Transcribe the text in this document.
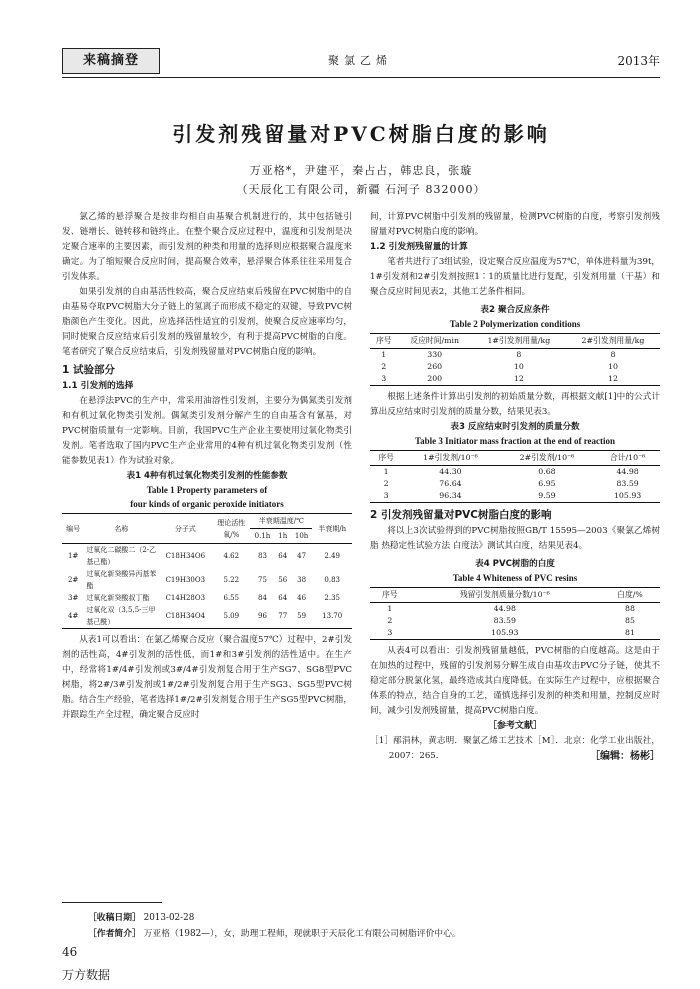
来稿摘登	聚氯乙烯	2013年
引发剂残留量对PVC树脂白度的影响
万亚格*，尹建平，秦占占，韩忠良，张璇
（天辰化工有限公司，新疆 石河子 832000）

氯乙烯的悬浮聚合是按非均相自由基聚合机制进行的，其中包括链引发、链增长、链转移和链终止。在整个聚合反应过程中，温度和引发剂是决定聚合速率的主要因素，而引发剂的种类和用量的选择则应根据聚合温度来确定。为了缩短聚合反应时间，提高聚合效率，悬浮聚合体系往往采用复合引发体系。

如果引发剂的自由基活性较高，聚合反应结束后残留在PVC树脂中的自由基易夺取PVC树脂大分子链上的氢离子而形成不稳定的双键，导致PVC树脂颜色产生变化。因此，应选择活性适宜的引发剂，使聚合反应速率均匀，同时使聚合反应结束后引发剂的残留量较少，有利于提高PVC树脂的白度。笔者研究了聚合反应结束后，引发剂残留量对PVC树脂白度的影响。

1 试验部分
1.1 引发剂的选择

在悬浮法PVC的生产中，常采用油溶性引发剂，主要分为偶氮类引发剂和有机过氧化物类引发剂。偶氮类引发剂分解产生的自由基含有氰基，对PVC树脂质量有一定影响。目前，我国PVC生产企业主要使用过氧化物类引发剂。笔者选取了国内PVC生产企业常用的4种有机过氧化物类引发剂（性能参数见表1）作为试验对象。

表1 4种有机过氧化物类引发剂的性能参数
Table 1 Property parameters of
four kinds of organic peroxide initiators
编号	名称	分子式	理论活性氧/%	半衰期温度/℃			半衰期/h
				0.1h	1h	10h	
1#	过氧化二碳酸二（2-乙基己酯）	C18H34O6	4.62	83	64	47	2.49
2#	过氧化新癸酸异丙基苯酯	C19H30O3	5.22	75	56	38	0.83
3#	过氧化新癸酸叔丁酯	C14H28O3	6.55	84	64	46	2.35
4#	过氧化双（3,5,5-三甲基己酰）	C18H34O4	5.09	96	77	59	13.70

从表1可以看出：在氯乙烯聚合反应（聚合温度57℃）过程中，2#引发剂的活性高，4#引发剂的活性低，而1#和3#引发剂的活性适中。在生产中，经常将1#/4#引发剂或3#/4#引发剂复合用于生产SG7、SG8型PVC树脂，将2#/3#引发剂或1#/2#引发剂复合用于生产SG3、SG5型PVC树脂。结合生产经验，笔者选择1#/2#引发剂复合用于生产SG5型PVC树脂，并跟踪生产全过程，确定聚合反应时

间，计算PVC树脂中引发剂的残留量，检测PVC树脂的白度，考察引发剂残留量对PVC树脂白度的影响。

1.2 引发剂残留量的计算

笔者共进行了3组试验，设定聚合反应温度为57℃，单体进料量为39t，1#引发剂和2#引发剂按照1∶1的质量比进行复配，引发剂用量（干基）和聚合反应时间见表2，其他工艺条件相同。

表2 聚合反应条件
Table 2 Polymerization conditions
序号	反应时间/min	1#引发剂用量/kg	2#引发剂用量/kg
1	330	8	8
2	260	10	10
3	200	12	12

根据上述条件计算出引发剂的初始质量分数，再根据文献[1]中的公式计算出反应结束时引发剂的质量分数，结果见表3。

表3 反应结束时引发剂的质量分数
Table 3 Initiator mass fraction at the end of reaction
序号	1#引发剂/10⁻⁶	2#引发剂/10⁻⁶	合计/10⁻⁶
1	44.30	0.68	44.98
2	76.64	6.95	83.59
3	96.34	9.59	105.93
2 引发剂残留量对PVC树脂白度的影响

将以上3次试验得到的PVC树脂按照GB/T 15595—2003《聚氯乙烯树脂 热稳定性试验方法 白度法》测试其白度，结果见表4。

表4 PVC树脂的白度
Table 4 Whiteness of PVC resins
序号	残留引发剂质量分数/10⁻⁶	白度/%
1	44.98	88
2	83.59	85
3	105.93	81

从表4可以看出：引发剂残留量越低，PVC树脂的白度越高。这是由于在加热的过程中，残留的引发剂易分解生成自由基攻击PVC分子链，使其不稳定部分脱氯化氢，最终造成其白度降低。在实际生产过程中，应根据聚合体系的特点，结合自身的工艺，谨慎选择引发剂的种类和用量，控制反应时间，减少引发剂残留量，提高PVC树脂白度。

［参考文献］

［1］邴涓林，黄志明．聚氯乙烯工艺技术［M］．北京：化学工业出版社，2007：265．	［编辑：杨彬］

［收稿日期］ 2013-02-28
［作者简介］ 万亚格（1982—），女，助理工程师，现就职于天辰化工有限公司树脂评价中心。
46
万方数据
